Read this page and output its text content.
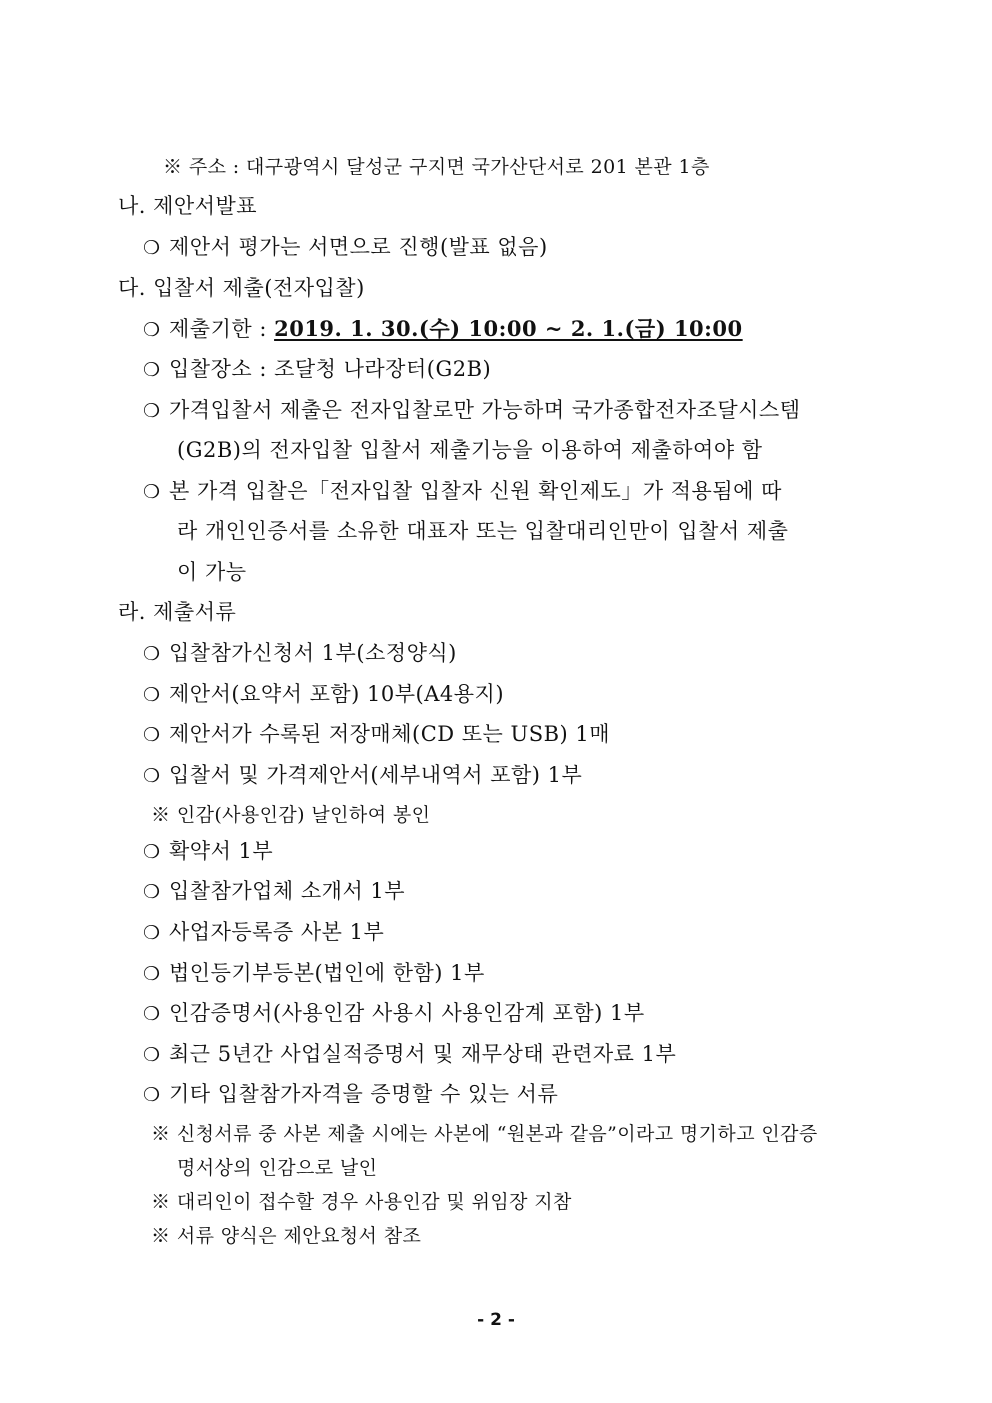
※ 주소 : 대구광역시 달성군 구지면 국가산단서로 201 본관 1층
나. 제안서발표
❍ 제안서 평가는 서면으로 진행(발표 없음)
다. 입찰서 제출(전자입찰)
❍ 제출기한 : 2019. 1. 30.(수) 10:00 ~ 2. 1.(금) 10:00
❍ 입찰장소 : 조달청 나라장터(G2B)
❍ 가격입찰서 제출은 전자입찰로만 가능하며 국가종합전자조달시스템
(G2B)의 전자입찰 입찰서 제출기능을 이용하여 제출하여야 함
❍ 본 가격 입찰은「전자입찰 입찰자 신원 확인제도」가 적용됨에 따
라 개인인증서를 소유한 대표자 또는 입찰대리인만이 입찰서 제출
이 가능
라. 제출서류
❍ 입찰참가신청서 1부(소정양식)
❍ 제안서(요약서 포함) 10부(A4용지)
❍ 제안서가 수록된 저장매체(CD 또는 USB) 1매
❍ 입찰서 및 가격제안서(세부내역서 포함) 1부
※ 인감(사용인감) 날인하여 봉인
❍ 확약서 1부
❍ 입찰참가업체 소개서 1부
❍ 사업자등록증 사본 1부
❍ 법인등기부등본(법인에 한함) 1부
❍ 인감증명서(사용인감 사용시 사용인감계 포함) 1부
❍ 최근 5년간 사업실적증명서 및 재무상태 관련자료 1부
❍ 기타 입찰참가자격을 증명할 수 있는 서류
※ 신청서류 중 사본 제출 시에는 사본에 “원본과 같음”이라고 명기하고 인감증
명서상의 인감으로 날인
※ 대리인이 접수할 경우 사용인감 및 위임장 지참
※ 서류 양식은 제안요청서 참조
- 2 -
